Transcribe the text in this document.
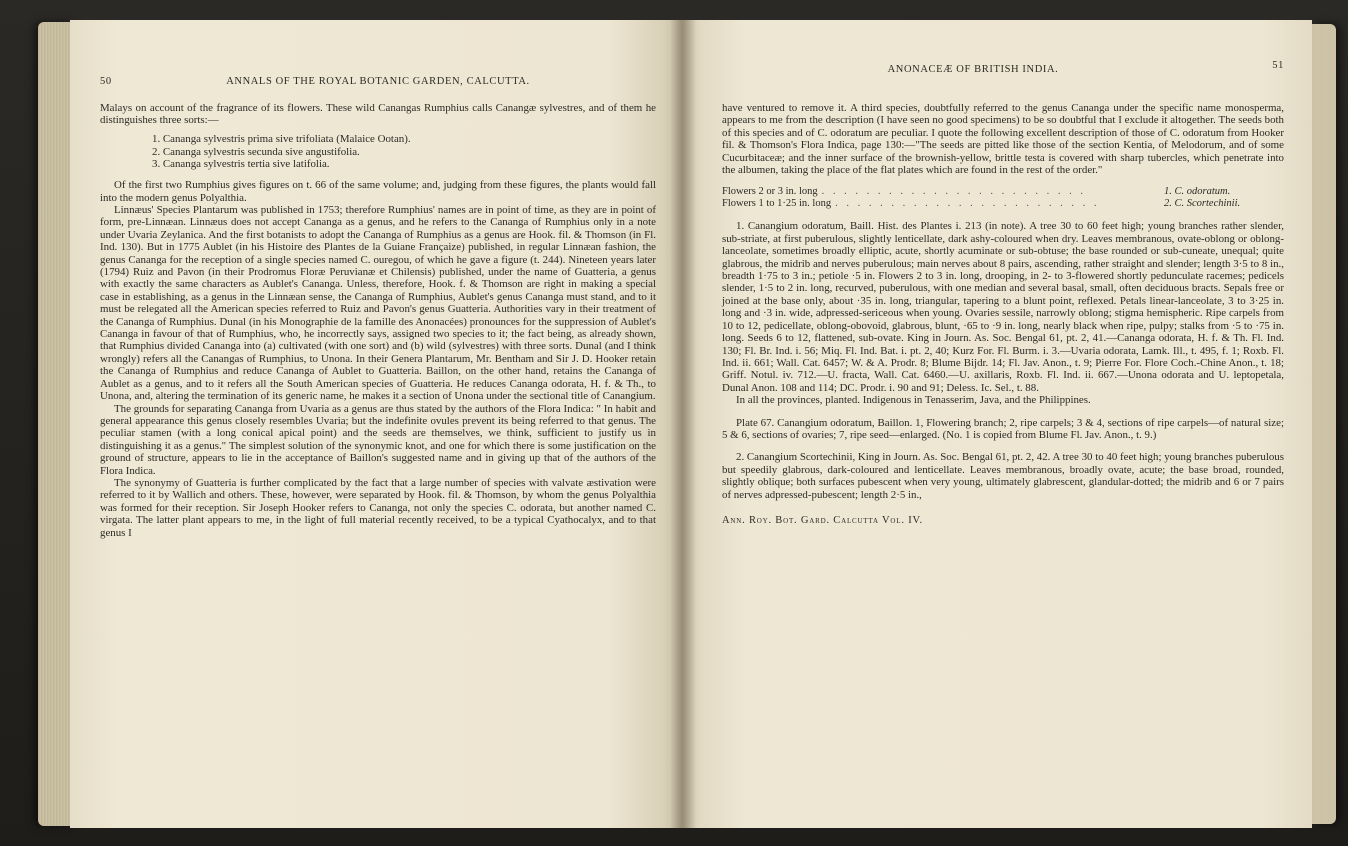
50	ANNALS OF THE ROYAL BOTANIC GARDEN, CALCUTTA.

Malays on account of the fragrance of its flowers. These wild Canangas Rumphius calls Canangæ sylvestres, and of them he distinguishes three sorts:—

1. Cananga sylvestris prima sive trifoliata (Malaice Ootan).
2. Cananga sylvestris secunda sive angustifolia.
3. Cananga sylvestris tertia sive latifolia.

Of the first two Rumphius gives figures on t. 66 of the same volume; and, judging from these figures, the plants would fall into the modern genus Polyalthia.

Linnæus' Species Plantarum was published in 1753; therefore Rumphius' names are in point of time, as they are in point of form, pre-Linnæan. Linnæus does not accept Cananga as a genus, and he refers to the Cananga of Rumphius only in a note under Uvaria Zeylanica. And the first botanists to adopt the Cananga of Rumphius as a genus are Hook. fil. & Thomson (in Fl. Ind. 130). But in 1775 Aublet (in his Histoire des Plantes de la Guiane Françaize) published, in regular Linnæan fashion, the genus Cananga for the reception of a single species named C. ouregou, of which he gave a figure (t. 244). Nineteen years later (1794) Ruiz and Pavon (in their Prodromus Floræ Peruvianæ et Chilensis) published, under the name of Guatteria, a genus with exactly the same characters as Aublet's Cananga. Unless, therefore, Hook. f. & Thomson are right in making a special case in establishing, as a genus in the Linnæan sense, the Cananga of Rumphius, Aublet's genus Cananga must stand, and to it must be relegated all the American species referred to Ruiz and Pavon's genus Guatteria. Authorities vary in their treatment of the Cananga of Rumphius. Dunal (in his Monographie de la famille des Anonacées) pronounces for the suppression of Aublet's Cananga in favour of that of Rumphius, who, he incorrectly says, assigned two species to it; the fact being, as already shown, that Rumphius divided Cananga into (a) cultivated (with one sort) and (b) wild (sylvestres) with three sorts. Dunal (and I think wrongly) refers all the Canangas of Rumphius, to Unona. In their Genera Plantarum, Mr. Bentham and Sir J. D. Hooker retain the Cananga of Rumphius and reduce Cananga of Aublet to Guatteria. Baillon, on the other hand, retains the Cananga of Aublet as a genus, and to it refers all the South American species of Guatteria. He reduces Cananga odorata, H. f. & Th., to Unona, and, altering the termination of its generic name, he makes it a section of Unona under the sectional title of Canangium.

The grounds for separating Cananga from Uvaria as a genus are thus stated by the authors of the Flora Indica: " In habit and general appearance this genus closely resembles Uvaria; but the indefinite ovules prevent its being referred to that genus. The peculiar stamen (with a long conical apical point) and the seeds are themselves, we think, sufficient to justify us in distinguishing it as a genus." The simplest solution of the synonymic knot, and one for which there is some justification on the ground of structure, appears to lie in the acceptance of Baillon's suggested name and in giving up that of the authors of the Flora Indica.

The synonymy of Guatteria is further complicated by the fact that a large number of species with valvate æstivation were referred to it by Wallich and others. These, however, were separated by Hook. fil. & Thomson, by whom the genus Polyalthia was formed for their reception. Sir Joseph Hooker refers to Cananga, not only the species C. odorata, but another named C. virgata. The latter plant appears to me, in the light of full material recently received, to be a typical Cyathocalyx, and to that genus I

51
ANONACEÆ OF BRITISH INDIA.

have ventured to remove it. A third species, doubtfully referred to the genus Cananga under the specific name monosperma, appears to me from the description (I have seen no good specimens) to be so doubtful that I exclude it altogether. The seeds both of this species and of C. odoratum are peculiar. I quote the following excellent description of those of C. odoratum from Hooker fil. & Thomson's Flora Indica, page 130:—"The seeds are pitted like those of the section Kentia, of Melodorum, and of some Cucurbitaceæ; and the inner surface of the brownish-yellow, brittle testa is covered with sharp tubercles, which penetrate into the albumen, taking the place of the flat plates which are found in the rest of the order."

Flowers 2 or 3 in. long . . . . . . . . . . . . . . . . . . . . . . . .	1. C. odoratum.
Flowers 1 to 1·25 in. long . . . . . . . . . . . . . . . . . . . . . . . .	2. C. Scortechinii.

1. Canangium odoratum, Baill. Hist. des Plantes i. 213 (in note). A tree 30 to 60 feet high; young branches rather slender, sub-striate, at first puberulous, slightly lenticellate, dark ashy-coloured when dry. Leaves membranous, ovate-oblong or oblong-lanceolate, sometimes broadly elliptic, acute, shortly acuminate or sub-obtuse; the base rounded or sub-cuneate, unequal; quite glabrous, the midrib and nerves puberulous; main nerves about 8 pairs, ascending, rather straight and slender; length 3·5 to 8 in., breadth 1·75 to 3 in.; petiole ·5 in. Flowers 2 to 3 in. long, drooping, in 2- to 3-flowered shortly pedunculate racemes; pedicels slender, 1·5 to 2 in. long, recurved, puberulous, with one median and several basal, small, often deciduous bracts. Sepals free or joined at the base only, about ·35 in. long, triangular, tapering to a blunt point, reflexed. Petals linear-lanceolate, 3 to 3·25 in. long and ·3 in. wide, adpressed-sericeous when young. Ovaries sessile, narrowly oblong; stigma hemispheric. Ripe carpels from 10 to 12, pedicellate, oblong-obovoid, glabrous, blunt, ·65 to ·9 in. long, nearly black when ripe, pulpy; stalks from ·5 to ·75 in. long. Seeds 6 to 12, flattened, sub-ovate. King in Journ. As. Soc. Bengal 61, pt. 2, 41.—Cananga odorata, H. f. & Th. Fl. Ind. 130; Fl. Br. Ind. i. 56; Miq. Fl. Ind. Bat. i. pt. 2, 40; Kurz For. Fl. Burm. i. 3.—Uvaria odorata, Lamk. Ill., t. 495, f. 1; Roxb. Fl. Ind. ii. 661; Wall. Cat. 6457; W. & A. Prodr. 8; Blume Bijdr. 14; Fl. Jav. Anon., t. 9; Pierre For. Flore Coch.-Chine Anon., t. 18; Griff. Notul. iv. 712.—U. fracta, Wall. Cat. 6460.—U. axillaris, Roxb. Fl. Ind. ii. 667.—Unona odorata and U. leptopetala, Dunal Anon. 108 and 114; DC. Prodr. i. 90 and 91; Deless. Ic. Sel., t. 88.

In all the provinces, planted. Indigenous in Tenasserim, Java, and the Philippines.

Plate 67. Canangium odoratum, Baillon. 1, Flowering branch; 2, ripe carpels; 3 & 4, sections of ripe carpels—of natural size; 5 & 6, sections of ovaries; 7, ripe seed—enlarged. (No. 1 is copied from Blume Fl. Jav. Anon., t. 9.)

2. Canangium Scortechinii, King in Journ. As. Soc. Bengal 61, pt. 2, 42. A tree 30 to 40 feet high; young branches puberulous but speedily glabrous, dark-coloured and lenticellate. Leaves membranous, broadly ovate, acute; the base broad, rounded, slightly oblique; both surfaces pubescent when very young, ultimately glabrescent, glandular-dotted; the midrib and 6 or 7 pairs of nerves adpressed-pubescent; length 2·5 in.,

Ann. Roy. Bot. Gard. Calcutta Vol. IV.
